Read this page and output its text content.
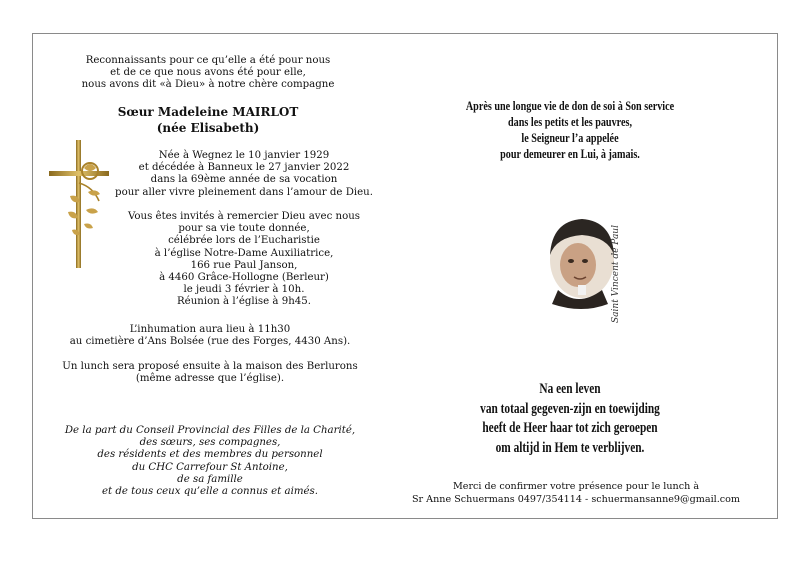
Reconnaissants pour ce qu’elle a été pour nous
et de ce que nous avons été pour elle,
nous avons dit «à Dieu» à notre chère compagne
Sœur Madeleine MAIRLOT
(née Elisabeth)
Née à Wegnez le 10 janvier 1929
et décédée à Banneux le 27 janvier 2022
dans la 69ème année de sa vocation
pour aller vivre pleinement dans l’amour de Dieu.
Vous êtes invités à remercier Dieu avec nous
pour sa vie toute donnée,
célébrée lors de l’Eucharistie
à l’église Notre-Dame Auxiliatrice,
166 rue Paul Janson,
à 4460 Grâce-Hollogne (Berleur)
le jeudi 3 février à 10h.
Réunion à l’église à 9h45.
L’inhumation aura lieu à 11h30
au cimetière d’Ans Bolsée (rue des Forges, 4430 Ans).
Un lunch sera proposé ensuite à la maison des Berlurons
(même adresse que l’église).
De la part du Conseil Provincial des Filles de la Charité,
des sœurs, ses compagnes,
des résidents et des membres du personnel
du CHC Carrefour St Antoine,
de sa famille
et de tous ceux qu’elle a connus et aimés.
Après une longue vie de don de soi à Son service
dans les petits et les pauvres,
le Seigneur l’a appelée
pour demeurer en Lui, à jamais.
Saint Vincent de Paul
Na een leven
van totaal gegeven-zijn en toewijding
heeft de Heer haar tot zich geroepen
om altijd in Hem te verblijven.
Merci de confirmer votre présence pour le lunch à
Sr Anne Schuermans 0497/354114 - schuermansanne9@gmail.com
